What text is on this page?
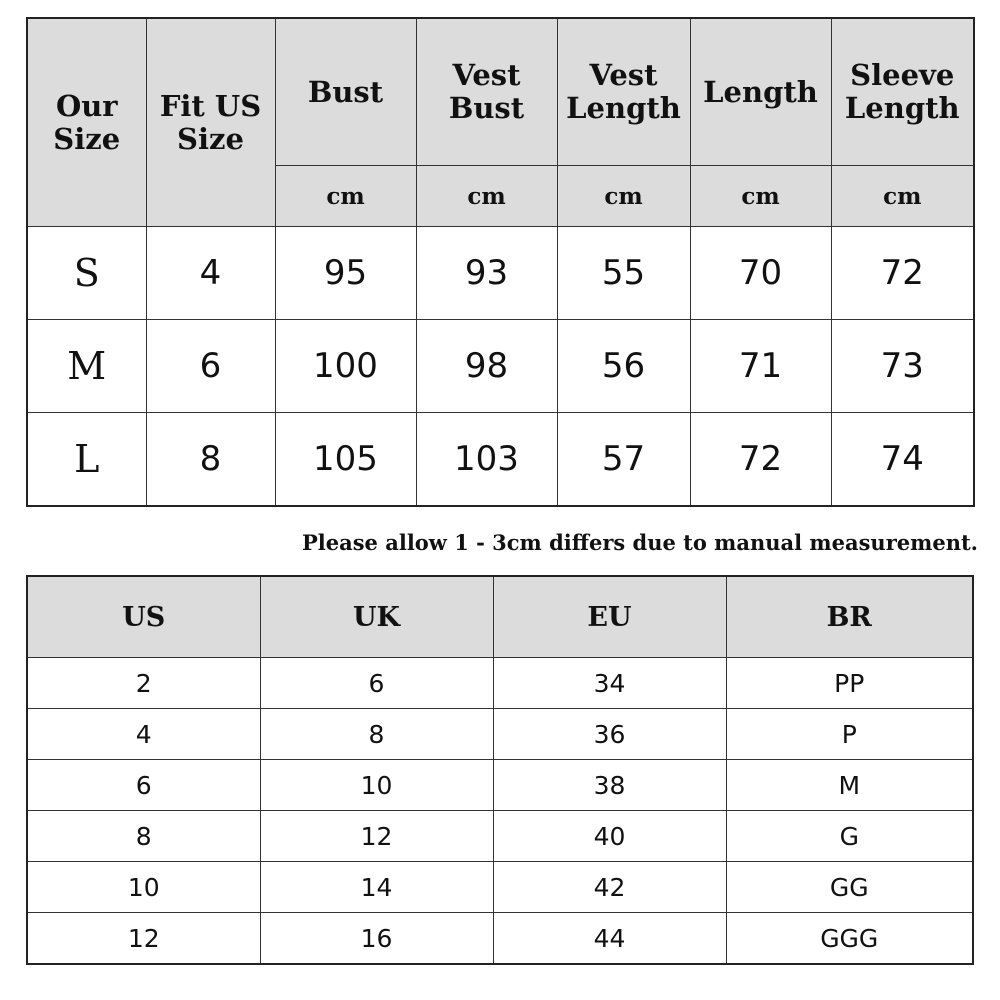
Our Size	Fit US Size	Bust	Vest Bust	Vest Length	Length	Sleeve Length
		cm	cm	cm	cm	cm
S	4	95	93	55	70	72
M	6	100	98	56	71	73
L	8	105	103	57	72	74
Please allow 1 - 3cm differs due to manual measurement.
US	UK	EU	BR
2	6	34	PP
4	8	36	P
6	10	38	M
8	12	40	G
10	14	42	GG
12	16	44	GGG
